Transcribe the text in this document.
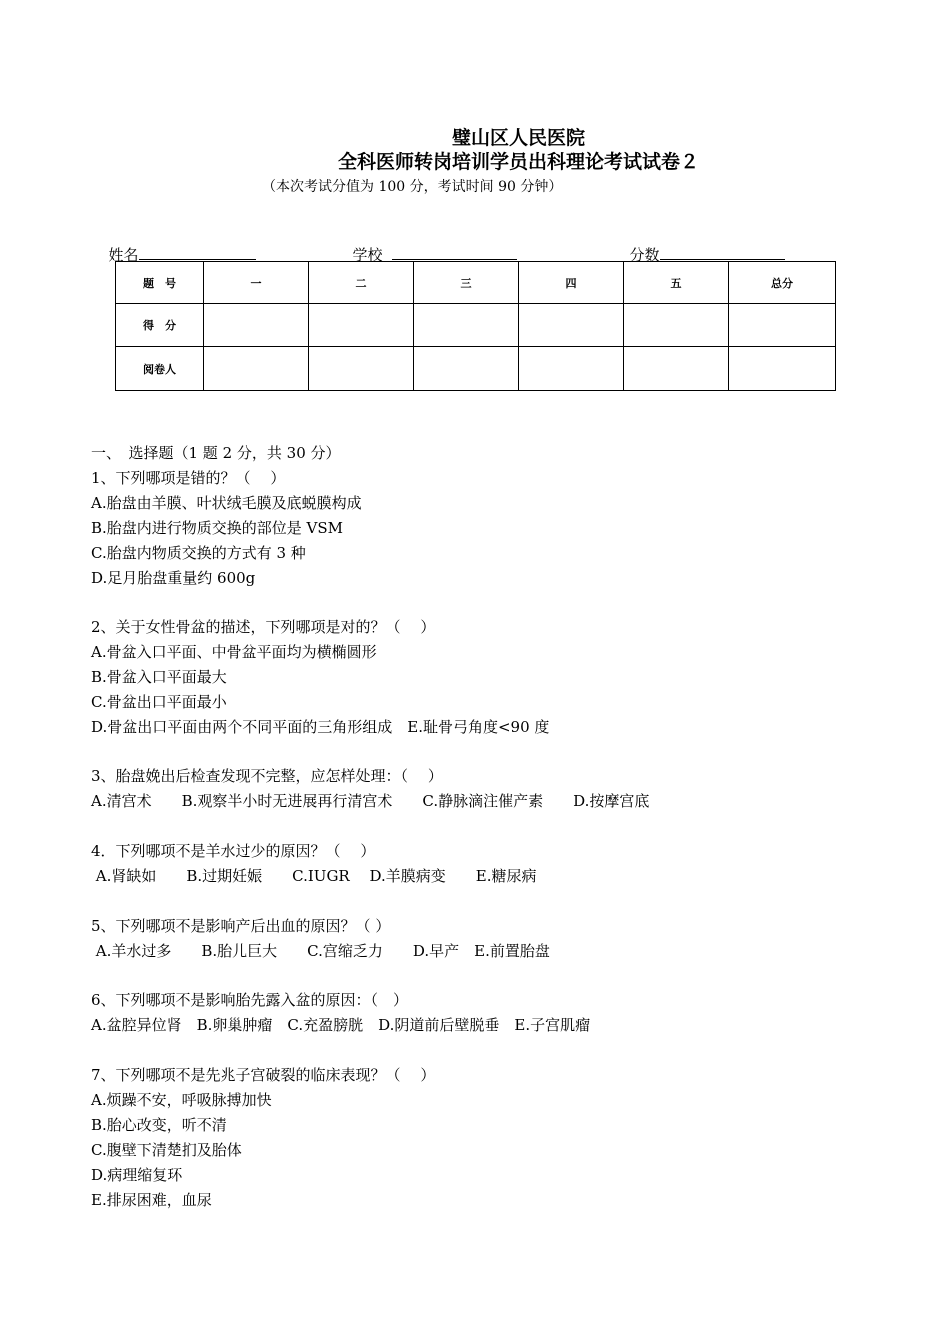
璧山区人民医院
全科医师转岗培训学员出科理论考试试卷２
（本次考试分值为 100 分，考试时间 90 分钟）

姓名	学校	分数

题　号	一	二	三	四	五	总分
得　分						
阅卷人						
一、　选择题（1 题 2 分，共 30 分）
1、下列哪项是错的？（　 ）
A.胎盘由羊膜、叶状绒毛膜及底蜕膜构成
B.胎盘内进行物质交换的部位是 VSM
C.胎盘内物质交换的方式有 3 种
D.足月胎盘重量约 600g
2、关于女性骨盆的描述，下列哪项是对的？（　 ）
A.骨盆入口平面、中骨盆平面均为横椭圆形
B.骨盆入口平面最大
C.骨盆出口平面最小
D.骨盆出口平面由两个不同平面的三角形组成　E.耻骨弓角度<90 度
3、胎盘娩出后检查发现不完整，应怎样处理：（　 ）
A.清宫术　　B.观察半小时无进展再行清宫术　　C.静脉滴注催产素　　D.按摩宫底
4．下列哪项不是羊水过少的原因？（　 ）
A.肾缺如　　B.过期妊娠　　C.IUGR　 D.羊膜病变　　E.糖尿病
5、下列哪项不是影响产后出血的原因？（ ）
A.羊水过多　　B.胎儿巨大　　C.宫缩乏力　　D.早产　E.前置胎盘
6、下列哪项不是影响胎先露入盆的原因：（　）
A.盆腔异位肾　B.卵巢肿瘤　C.充盈膀胱　D.阴道前后壁脱垂　E.子宫肌瘤
7、下列哪项不是先兆子宫破裂的临床表现？（　 ）
A.烦躁不安，呼吸脉搏加快
B.胎心改变，听不清
C.腹壁下清楚扪及胎体
D.病理缩复环
E.排尿困难，血尿
